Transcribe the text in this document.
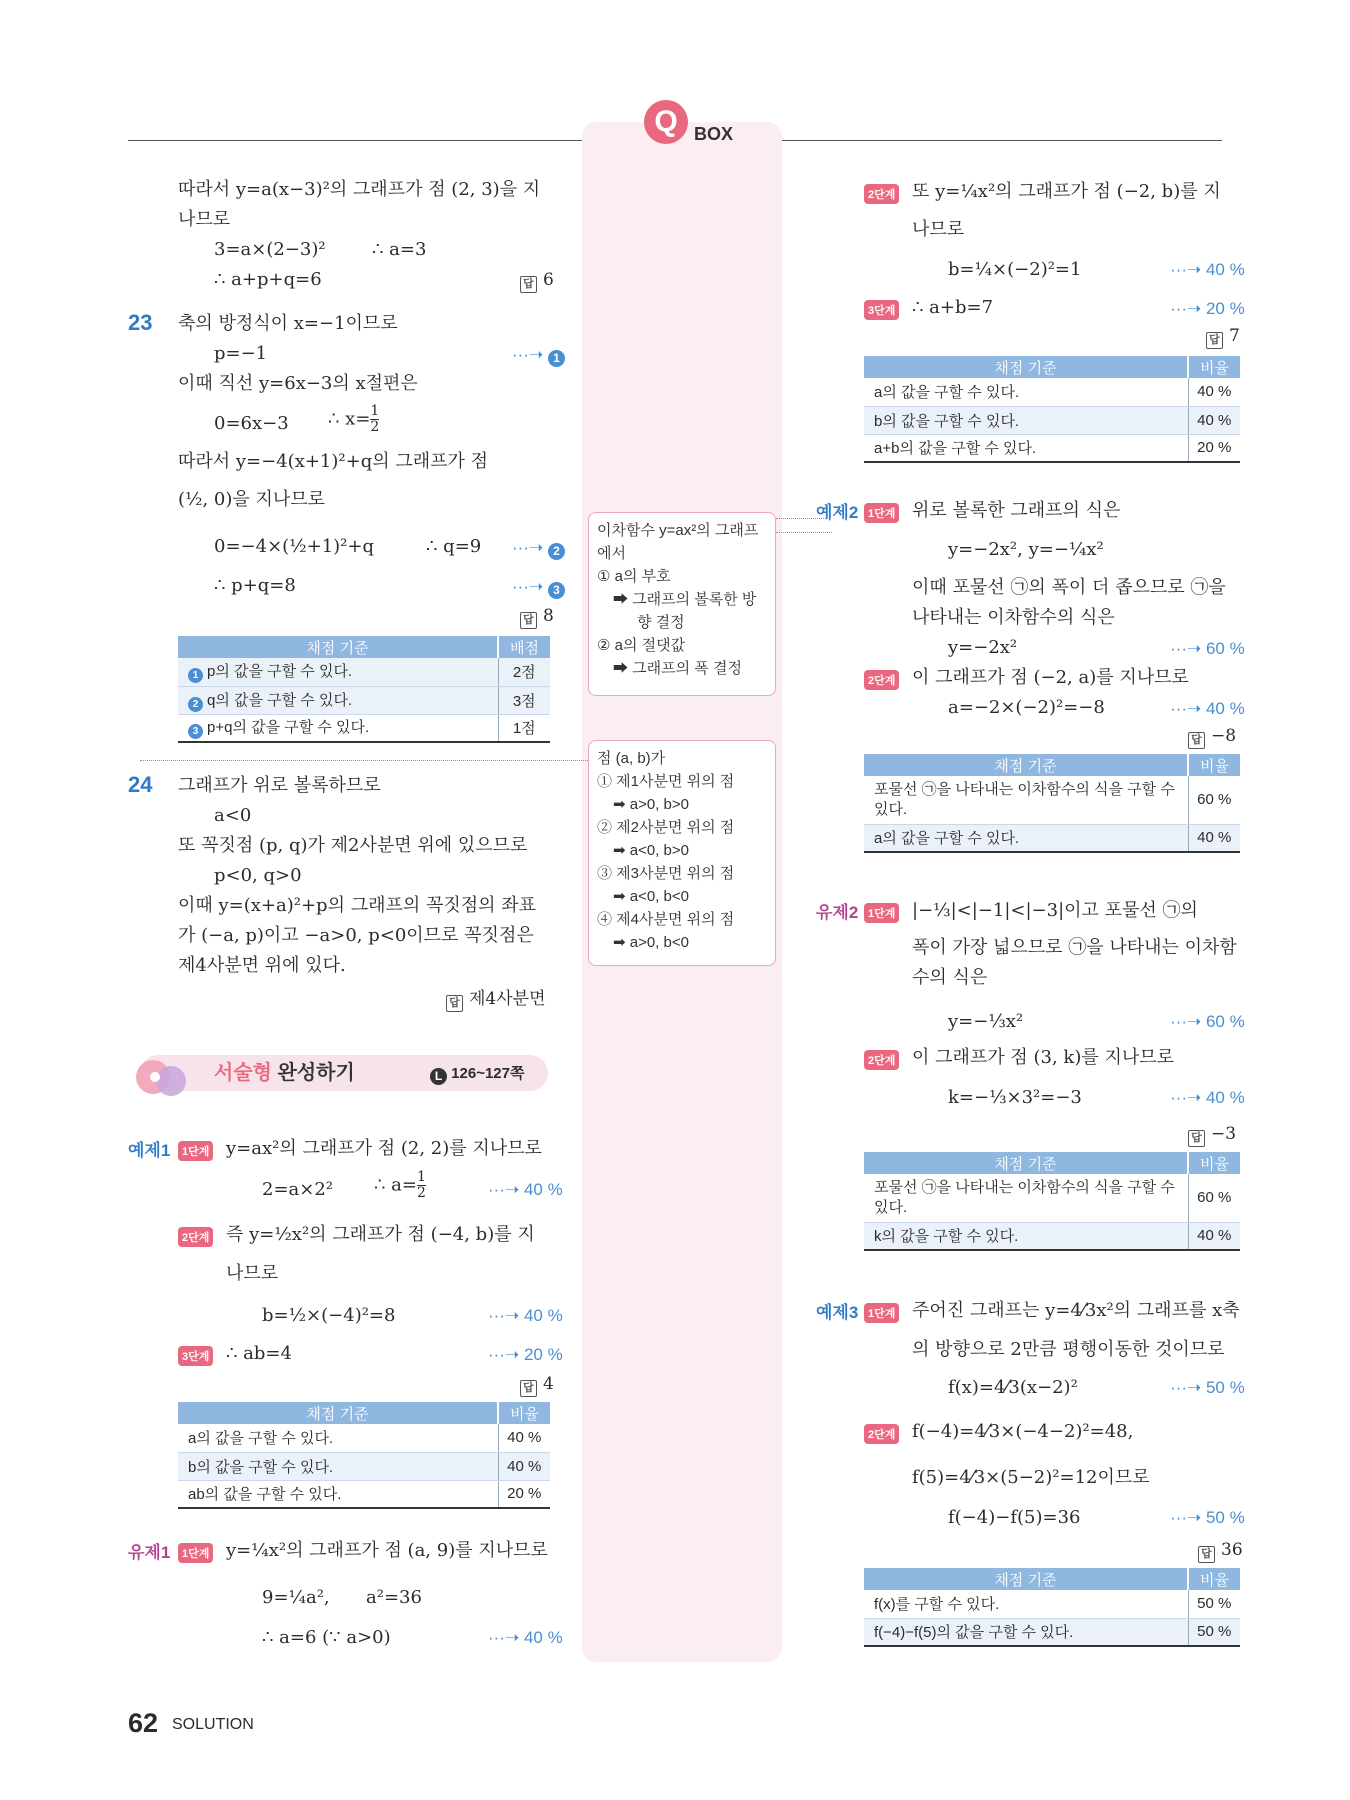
Q BOX
따라서 y=a(x−3)²의 그래프가 점 (2, 3)을 지
나므로
3=a×(2−3)²	∴ a=3
∴ a+p+q=6	답 6
23 축의 방정식이 x=−1이므로
p=−1	···➝ 1
이때 직선 y=6x−3의 x절편은
0=6x−3 ∴ $x= \frac{1}{2}$
따라서 y=−4(x+1)²+q의 그래프가 점
(½, 0)을 지나므로
0=−4×(½+1)²+q	∴ q=9 ···➝ 2
∴ p+q=8	···➝ 3
답 8
채점 기준	배점
1 p의 값을 구할 수 있다.	2점
2 q의 값을 구할 수 있다.	3점
3 p+q의 값을 구할 수 있다.	1점
24 그래프가 위로 볼록하므로
a<0
또 꼭짓점 (p, q)가 제2사분면 위에 있으므로
p<0, q>0
이때 y=(x+a)²+p의 그래프의 꼭짓점의 좌표
가 (−a, p)이고 −a>0, p<0이므로 꼭짓점은
제4사분면 위에 있다.
답 제4사분면
서술형 완성하기	L 126~127쪽
예제1	1단계 y=ax²의 그래프가 점 (2, 2)를 지나므로
2=a×2² ∴ $a= \frac{1}{2}$	···➝ 40 %
2단계 즉 y=½x²의 그래프가 점 (−4, b)를 지
나므로
b=½×(−4)²=8	···➝ 40 %
3단계 ∴ ab=4	···➝ 20 %
답 4
채점 기준	비율
a의 값을 구할 수 있다.	40 %
b의 값을 구할 수 있다.	40 %
ab의 값을 구할 수 있다.	20 %
유제1	1단계 y=¼x²의 그래프가 점 (a, 9)를 지나므로
9=¼a², a²=36
∴ a=6 (∵ a>0)	···➝ 40 %
이차함수 y=ax²의 그래프
에서
① a의 부호
➡ 그래프의 볼록한 방
향 결정
② a의 절댓값
➡ 그래프의 폭 결정
점 (a, b)가
① 제1사분면 위의 점
➡ a>0, b>0
② 제2사분면 위의 점
➡ a<0, b>0
③ 제3사분면 위의 점
➡ a<0, b<0
④ 제4사분면 위의 점
➡ a>0, b<0
2단계 또 y=¼x²의 그래프가 점 (−2, b)를 지
나므로
b=¼×(−2)²=1	···➝ 40 %
3단계 ∴ a+b=7	···➝ 20 %
답 7
채점 기준	비율
a의 값을 구할 수 있다.	40 %
b의 값을 구할 수 있다.	40 %
a+b의 값을 구할 수 있다.	20 %
예제2 1단계 위로 볼록한 그래프의 식은
y=−2x², y=−¼x²
이때 포물선 ㉠의 폭이 더 좁으므로 ㉠을
나타내는 이차함수의 식은
y=−2x²	···➝ 60 %
2단계 이 그래프가 점 (−2, a)를 지나므로
a=−2×(−2)²=−8	···➝ 40 %
답 −8
채점 기준	비율
포물선 ㉠을 나타내는 이차함수의 식을 구할 수 있다.	60 %
a의 값을 구할 수 있다.	40 %
유제2 1단계 |−⅓|<|−1|<|−3|이고 포물선 ㉠의
폭이 가장 넓으므로 ㉠을 나타내는 이차함
수의 식은
y=−⅓x²	···➝ 60 %
2단계 이 그래프가 점 (3, k)를 지나므로
k=−⅓×3²=−3	···➝ 40 %
답 −3
채점 기준	비율
포물선 ㉠을 나타내는 이차함수의 식을 구할 수 있다.	60 %
k의 값을 구할 수 있다.	40 %
예제3 1단계 주어진 그래프는 y=4⁄3x²의 그래프를 x축
의 방향으로 2만큼 평행이동한 것이므로
f(x)=4⁄3(x−2)²	···➝ 50 %
2단계 f(−4)=4⁄3×(−4−2)²=48,
f(5)=4⁄3×(5−2)²=12이므로
f(−4)−f(5)=36	···➝ 50 %
답 36
채점 기준	비율
f(x)를 구할 수 있다.	50 %
f(−4)−f(5)의 값을 구할 수 있다.	50 %
62 SOLUTION
